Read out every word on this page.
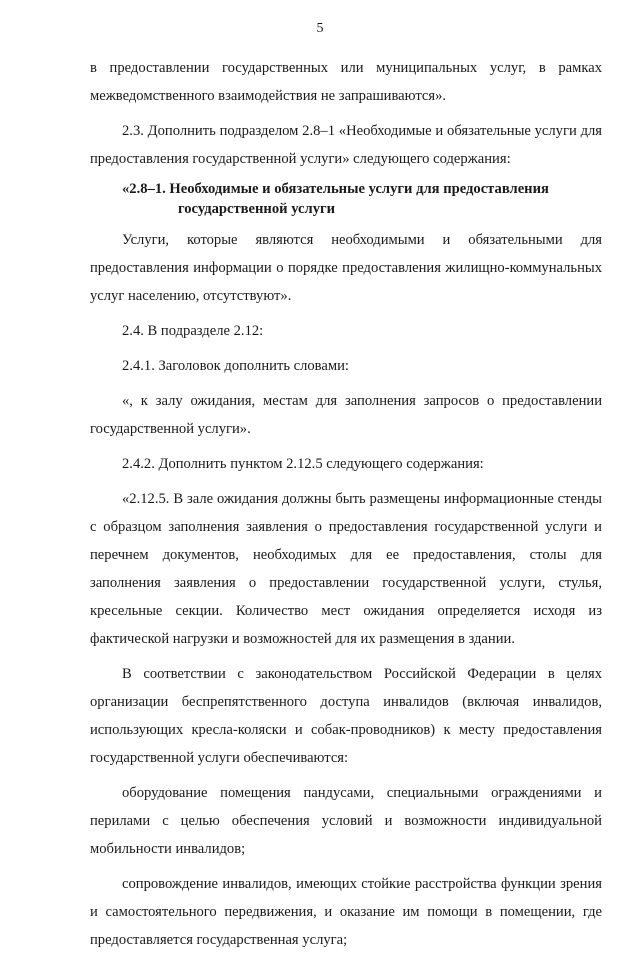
5

в предоставлении государственных или муниципальных услуг, в рамках межведомственного взаимодействия не запрашиваются».

2.3. Дополнить подразделом 2.8–1 «Необходимые и обязательные услуги для предоставления государственной услуги» следующего содержания:

«2.8–1. Необходимые и обязательные услуги для предоставления
государственной услуги

Услуги, которые являются необходимыми и обязательными для предоставления информации о порядке предоставления жилищно-коммунальных услуг населению, отсутствуют».

2.4. В подразделе 2.12:

2.4.1. Заголовок дополнить словами:

«, к залу ожидания, местам для заполнения запросов о предоставлении государственной услуги».

2.4.2. Дополнить пунктом 2.12.5 следующего содержания:

«2.12.5. В зале ожидания должны быть размещены информационные стенды с образцом заполнения заявления о предоставления государственной услуги и перечнем документов, необходимых для ее предоставления, столы для заполнения заявления о предоставлении государственной услуги, стулья, кресельные секции. Количество мест ожидания определяется исходя из фактической нагрузки и возможностей для их размещения в здании.

В соответствии с законодательством Российской Федерации в целях организации беспрепятственного доступа инвалидов (включая инвалидов, использующих кресла-коляски и собак-проводников) к месту предоставления государственной услуги обеспечиваются:

оборудование помещения пандусами, специальными ограждениями и перилами с целью обеспечения условий и возможности индивидуальной мобильности инвалидов;

сопровождение инвалидов, имеющих стойкие расстройства функции зрения и самостоятельного передвижения, и оказание им помощи в помещении, где предоставляется государственная услуга;
